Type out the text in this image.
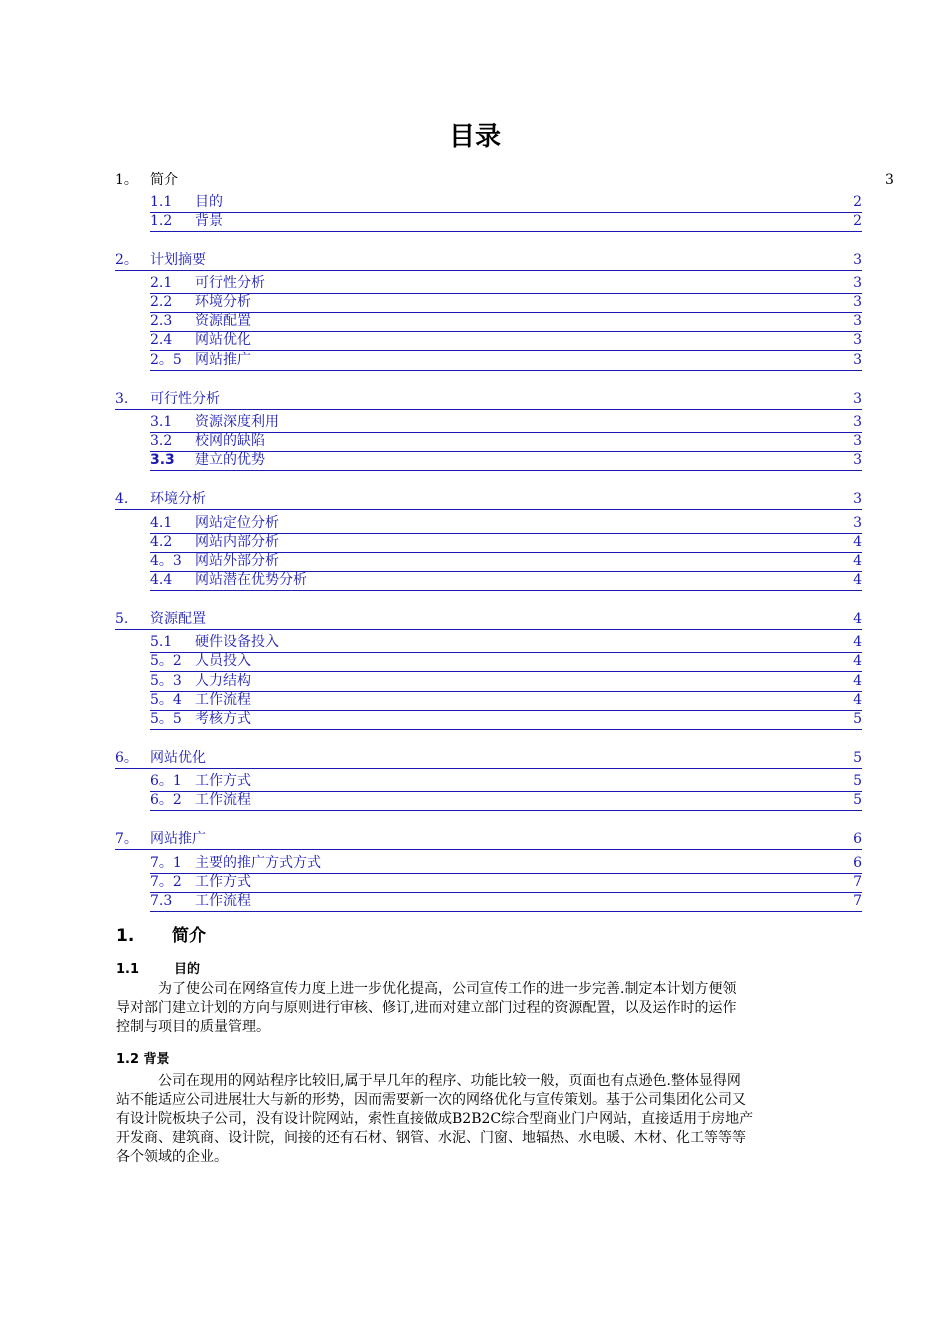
目录
1。 简介	3
1.1 目的	2
1.2 背景	2
2。 计划摘要	3
2.1 可行性分析	3
2.2 环境分析	3
2.3 资源配置	3
2.4 网站优化	3
2。5 网站推广	3
3. 可行性分析	3
3.1 资源深度利用	3
3.2 校网的缺陷	3
3.3 建立的优势	3
4. 环境分析	3
4.1 网站定位分析	3
4.2 网站内部分析	4
4。3 网站外部分析	4
4.4 网站潜在优势分析	4
5. 资源配置	4
5.1 硬件设备投入	4
5。2 人员投入	4
5。3 人力结构	4
5。4 工作流程	4
5。5 考核方式	5
6。 网站优化	5
6。1 工作方式	5
6。2 工作流程	5
7。 网站推广	6
7。1 主要的推广方式方式	6
7。2 工作方式	7
7.3 工作流程	7
1. 简介
1.1	目的

为了使公司在网络宣传力度上进一步优化提高，公司宣传工作的进一步完善.制定本计划方便领

导对部门建立计划的方向与原则进行审核、修订,进而对建立部门过程的资源配置，以及运作时的运作

控制与项目的质量管理。

1.2 背景

公司在现用的网站程序比较旧,属于早几年的程序、功能比较一般，页面也有点逊色.整体显得网

站不能适应公司进展壮大与新的形势，因而需要新一次的网络优化与宣传策划。基于公司集团化公司又

有设计院板块子公司，没有设计院网站，索性直接做成B2B2C综合型商业门户网站，直接适用于房地产

开发商、建筑商、设计院，间接的还有石材、钢管、水泥、门窗、地辐热、水电暖、木材、化工等等等

各个领域的企业。
